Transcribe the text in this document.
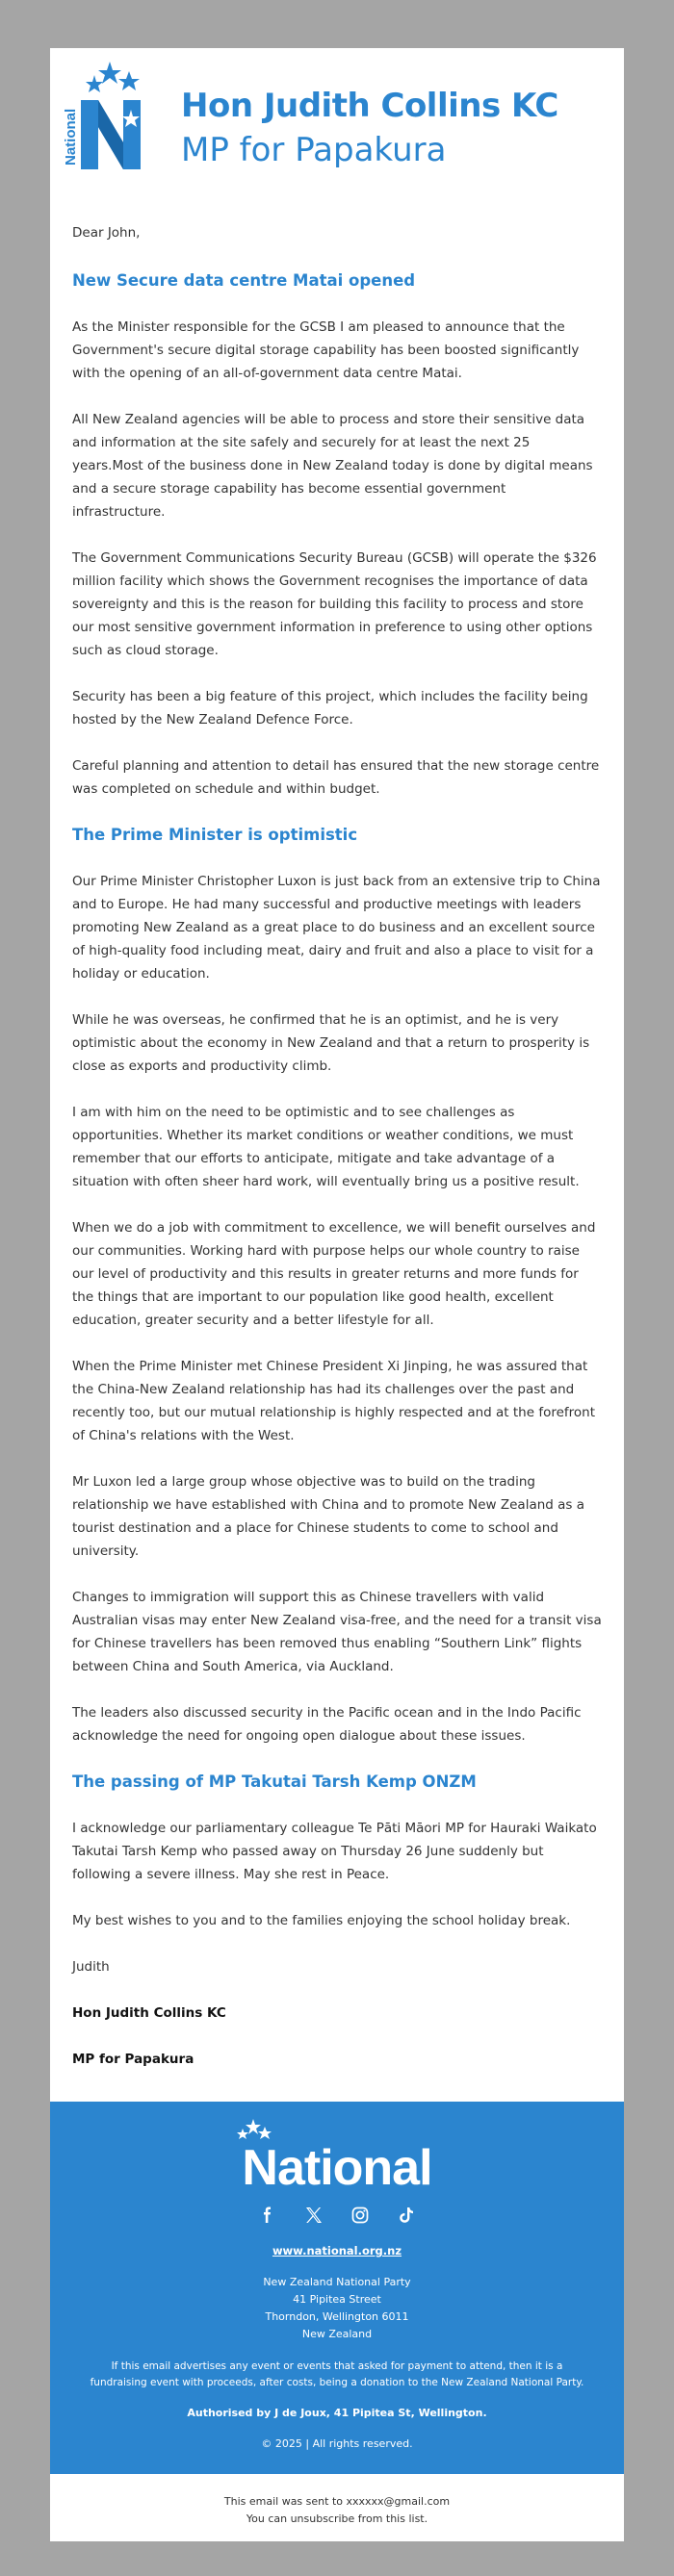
National
Hon Judith Collins KC
MP for Papakura

Dear John,

New Secure data centre Matai opened

As the Minister responsible for the GCSB I am pleased to announce that the Government's secure digital storage capability has been boosted significantly with the opening of an all-of-government data centre Matai.

All New Zealand agencies will be able to process and store their sensitive data and information at the site safely and securely for at least the next 25 years.Most of the business done in New Zealand today is done by digital means and a secure storage capability has become essential government infrastructure.

The Government Communications Security Bureau (GCSB) will operate the $326 million facility which shows the Government recognises the importance of data sovereignty and this is the reason for building this facility to process and store our most sensitive government information in preference to using other options such as cloud storage.

Security has been a big feature of this project, which includes the facility being hosted by the New Zealand Defence Force.

Careful planning and attention to detail has ensured that the new storage centre was completed on schedule and within budget.

The Prime Minister is optimistic

Our Prime Minister Christopher Luxon is just back from an extensive trip to China and to Europe. He had many successful and productive meetings with leaders promoting New Zealand as a great place to do business and an excellent source of high-quality food including meat, dairy and fruit and also a place to visit for a holiday or education.

While he was overseas, he confirmed that he is an optimist, and he is very optimistic about the economy in New Zealand and that a return to prosperity is close as exports and productivity climb.

I am with him on the need to be optimistic and to see challenges as opportunities. Whether its market conditions or weather conditions, we must remember that our efforts to anticipate, mitigate and take advantage of a situation with often sheer hard work, will eventually bring us a positive result.

When we do a job with commitment to excellence, we will benefit ourselves and our communities. Working hard with purpose helps our whole country to raise our level of productivity and this results in greater returns and more funds for the things that are important to our population like good health, excellent education, greater security and a better lifestyle for all.

When the Prime Minister met Chinese President Xi Jinping, he was assured that the China-New Zealand relationship has had its challenges over the past and recently too, but our mutual relationship is highly respected and at the forefront of China's relations with the West.

Mr Luxon led a large group whose objective was to build on the trading relationship we have established with China and to promote New Zealand as a tourist destination and a place for Chinese students to come to school and university.

Changes to immigration will support this as Chinese travellers with valid Australian visas may enter New Zealand visa-free, and the need for a transit visa for Chinese travellers has been removed thus enabling “Southern Link” flights between China and South America, via Auckland.

The leaders also discussed security in the Pacific ocean and in the Indo Pacific acknowledge the need for ongoing open dialogue about these issues.

The passing of MP Takutai Tarsh Kemp ONZM

I acknowledge our parliamentary colleague Te Pāti Māori MP for Hauraki Waikato Takutai Tarsh Kemp who passed away on Thursday 26 June suddenly but following a severe illness. May she rest in Peace.

My best wishes to you and to the families enjoying the school holiday break.

Judith

Hon Judith Collins KC

MP for Papakura

National
www.national.org.nz
New Zealand National Party
41 Pipitea Street
Thorndon, Wellington 6011
New Zealand
If this email advertises any event or events that asked for payment to attend, then it is a fundraising event with proceeds, after costs, being a donation to the New Zealand National Party.
Authorised by J de Joux, 41 Pipitea St, Wellington.
© 2025 | All rights reserved.
This email was sent to xxxxxx@gmail.com
You can unsubscribe from this list.
